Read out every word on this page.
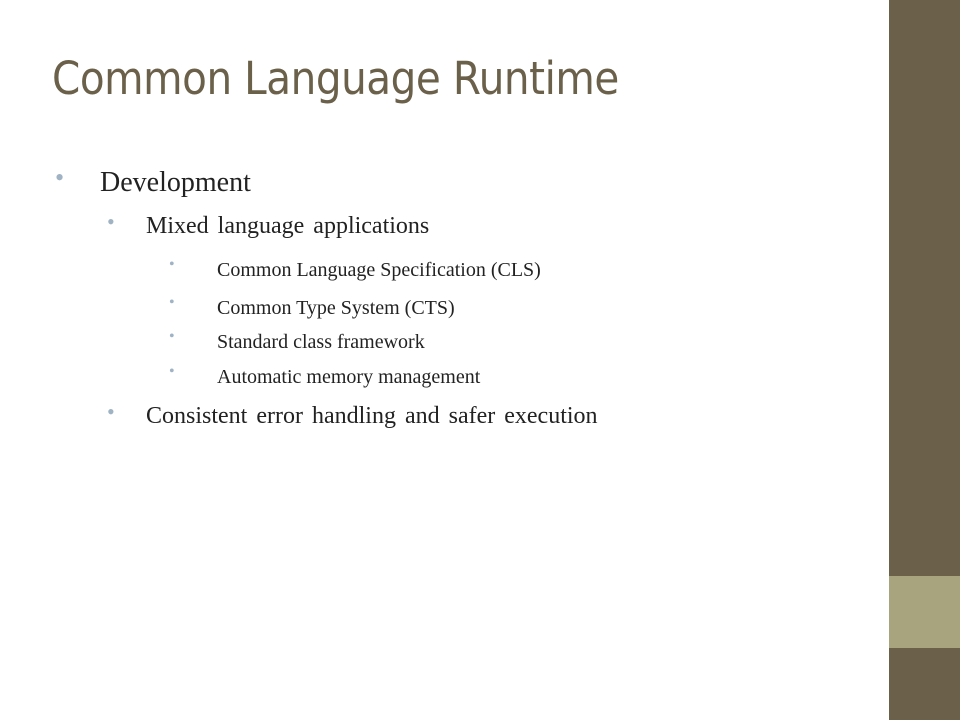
Common Language Runtime
• Development
• Mixed language applications
• Common Language Specification (CLS)
• Common Type System (CTS)
• Standard class framework
• Automatic memory management
• Consistent error handling and safer execution
